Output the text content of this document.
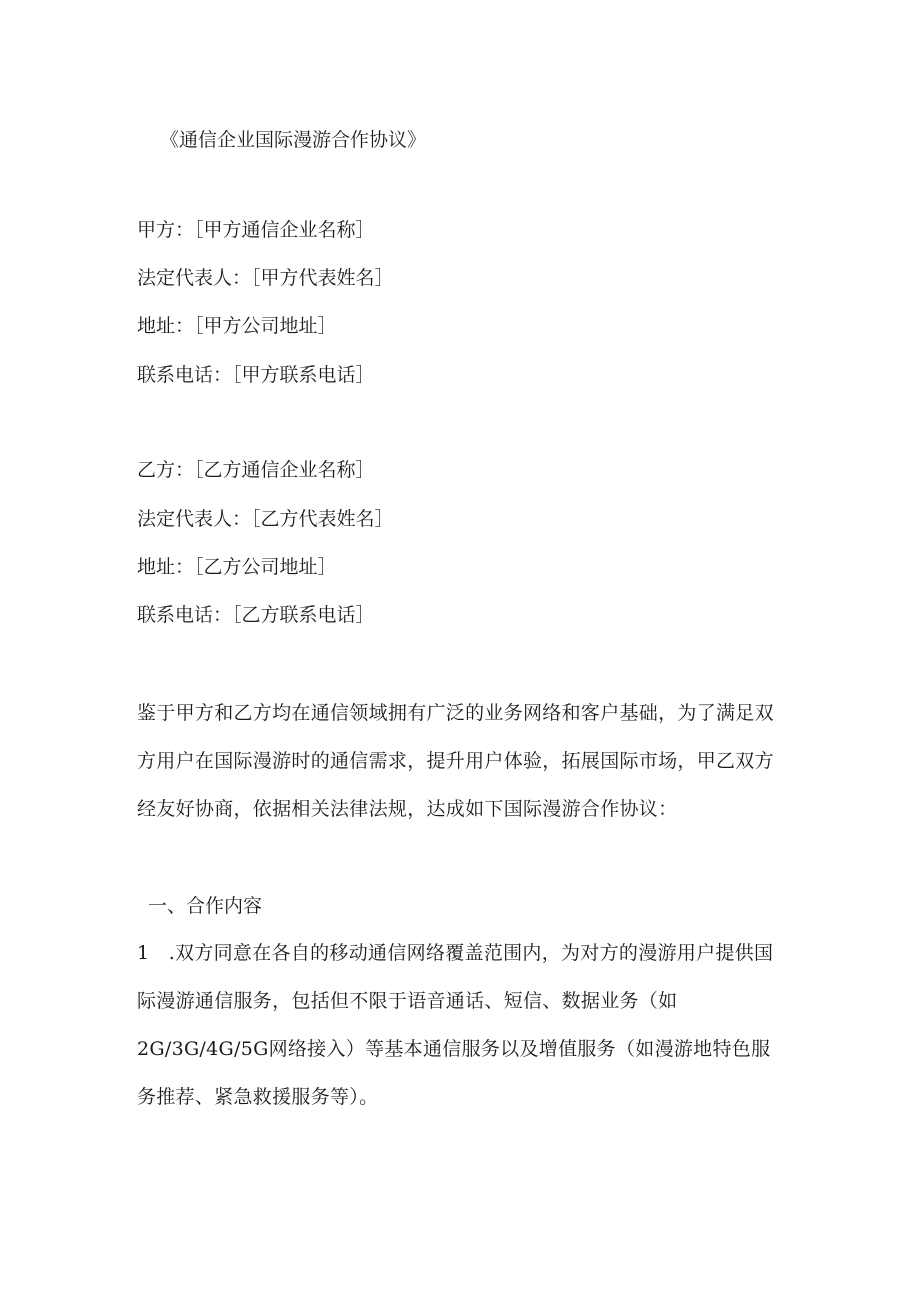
《通信企业国际漫游合作协议》
甲方：［甲方通信企业名称］
法定代表人：［甲方代表姓名］
地址：［甲方公司地址］
联系电话：［甲方联系电话］
乙方：［乙方通信企业名称］
法定代表人：［乙方代表姓名］
地址：［乙方公司地址］
联系电话：［乙方联系电话］
鉴于甲方和乙方均在通信领域拥有广泛的业务网络和客户基础，为了满足双方用户在国际漫游时的通信需求，提升用户体验，拓展国际市场，甲乙双方经友好协商，依据相关法律法规，达成如下国际漫游合作协议：
一、合作内容
1　.双方同意在各自的移动通信网络覆盖范围内，为对方的漫游用户提供国际漫游通信服务，包括但不限于语音通话、短信、数据业务（如2G/3G/4G/5G网络接入）等基本通信服务以及增值服务（如漫游地特色服务推荐、紧急救援服务等）。
